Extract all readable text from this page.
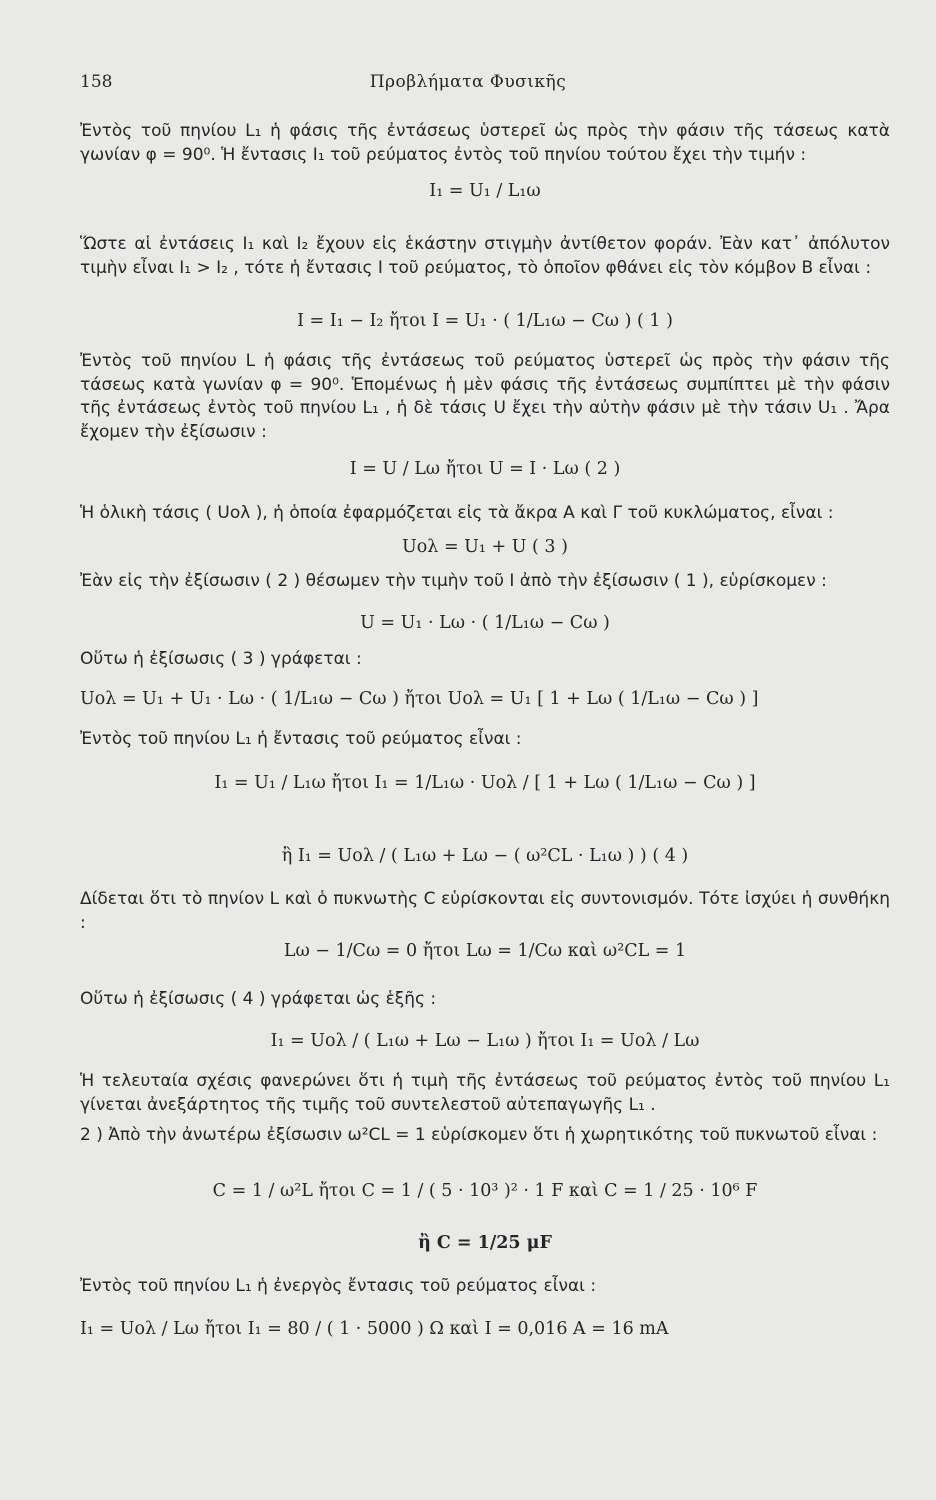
158	Προβλήματα Φυσικῆς
Ἐντὸς τοῦ πηνίου L₁ ἡ φάσις τῆς ἐντάσεως ὑστερεῖ ὡς πρὸς τὴν φάσιν τῆς τάσεως κατὰ γωνίαν φ = 90⁰. Ἡ ἔντασις I₁ τοῦ ρεύματος ἐντὸς τοῦ πηνίου τούτου ἔχει τὴν τιμήν :
I₁ = U₁ / L₁ω
Ὥστε αἱ ἐντάσεις I₁ καὶ I₂ ἔχουν εἰς ἑκάστην στιγμὴν ἀντίθετον φοράν. Ἐὰν κατ᾽ ἀπόλυτον τιμὴν εἶναι I₁ > I₂ , τότε ἡ ἔντασις I τοῦ ρεύματος, τὸ ὁποῖον φθάνει εἰς τὸν κόμβον B εἶναι :
I = I₁ − I₂ ἤτοι I = U₁ · ( 1/L₁ω − Cω ) ( 1 )
Ἐντὸς τοῦ πηνίου L ἡ φάσις τῆς ἐντάσεως τοῦ ρεύματος ὑστερεῖ ὡς πρὸς τὴν φάσιν τῆς τάσεως κατὰ γωνίαν φ = 90⁰. Ἑπομένως ἡ μὲν φάσις τῆς ἐντάσεως συμπίπτει μὲ τὴν φάσιν τῆς ἐντάσεως ἐντὸς τοῦ πηνίου L₁ , ἡ δὲ τάσις U ἔχει τὴν αὐτὴν φάσιν μὲ τὴν τάσιν U₁ . Ἄρα ἔχομεν τὴν ἐξίσωσιν :
I = U / Lω ἤτοι U = I · Lω ( 2 )
Ἡ ὁλικὴ τάσις ( Uολ ), ἡ ὁποία ἐφαρμόζεται εἰς τὰ ἄκρα A καὶ Γ τοῦ κυκλώματος, εἶναι :
Uολ = U₁ + U ( 3 )
Ἐὰν εἰς τὴν ἐξίσωσιν ( 2 ) θέσωμεν τὴν τιμὴν τοῦ I ἀπὸ τὴν ἐξίσωσιν ( 1 ), εὑρίσκομεν :
U = U₁ · Lω · ( 1/L₁ω − Cω )
Οὕτω ἡ ἐξίσωσις ( 3 ) γράφεται :
Uολ = U₁ + U₁ · Lω · ( 1/L₁ω − Cω ) ἤτοι Uολ = U₁ [ 1 + Lω ( 1/L₁ω − Cω ) ]
Ἐντὸς τοῦ πηνίου L₁ ἡ ἔντασις τοῦ ρεύματος εἶναι :
I₁ = U₁ / L₁ω ἤτοι I₁ = 1/L₁ω · Uολ / [ 1 + Lω ( 1/L₁ω − Cω ) ]
ἢ I₁ = Uολ / ( L₁ω + Lω − ( ω²CL · L₁ω ) ) ( 4 )
Δίδεται ὅτι τὸ πηνίον L καὶ ὁ πυκνωτὴς C εὑρίσκονται εἰς συντονισμόν. Τότε ἰσχύει ἡ συνθήκη :
Lω − 1/Cω = 0 ἤτοι Lω = 1/Cω καὶ ω²CL = 1
Οὕτω ἡ ἐξίσωσις ( 4 ) γράφεται ὡς ἑξῆς :
I₁ = Uολ / ( L₁ω + Lω − L₁ω ) ἤτοι I₁ = Uολ / Lω
Ἡ τελευταία σχέσις φανερώνει ὅτι ἡ τιμὴ τῆς ἐντάσεως τοῦ ρεύματος ἐντὸς τοῦ πηνίου L₁ γίνεται ἀνεξάρτητος τῆς τιμῆς τοῦ συντελεστοῦ αὐτεπαγωγῆς L₁ .
2 ) Ἀπὸ τὴν ἀνωτέρω ἐξίσωσιν ω²CL = 1 εὑρίσκομεν ὅτι ἡ χωρητικότης τοῦ πυκνωτοῦ εἶναι :
C = 1 / ω²L ἤτοι C = 1 / ( 5 · 10³ )² · 1 F καὶ C = 1 / 25 · 10⁶ F
ἢ C = 1/25 μF
Ἐντὸς τοῦ πηνίου L₁ ἡ ἐνεργὸς ἔντασις τοῦ ρεύματος εἶναι :
I₁ = Uολ / Lω ἤτοι I₁ = 80 / ( 1 · 5000 ) Ω καὶ I = 0,016 A = 16 mA
